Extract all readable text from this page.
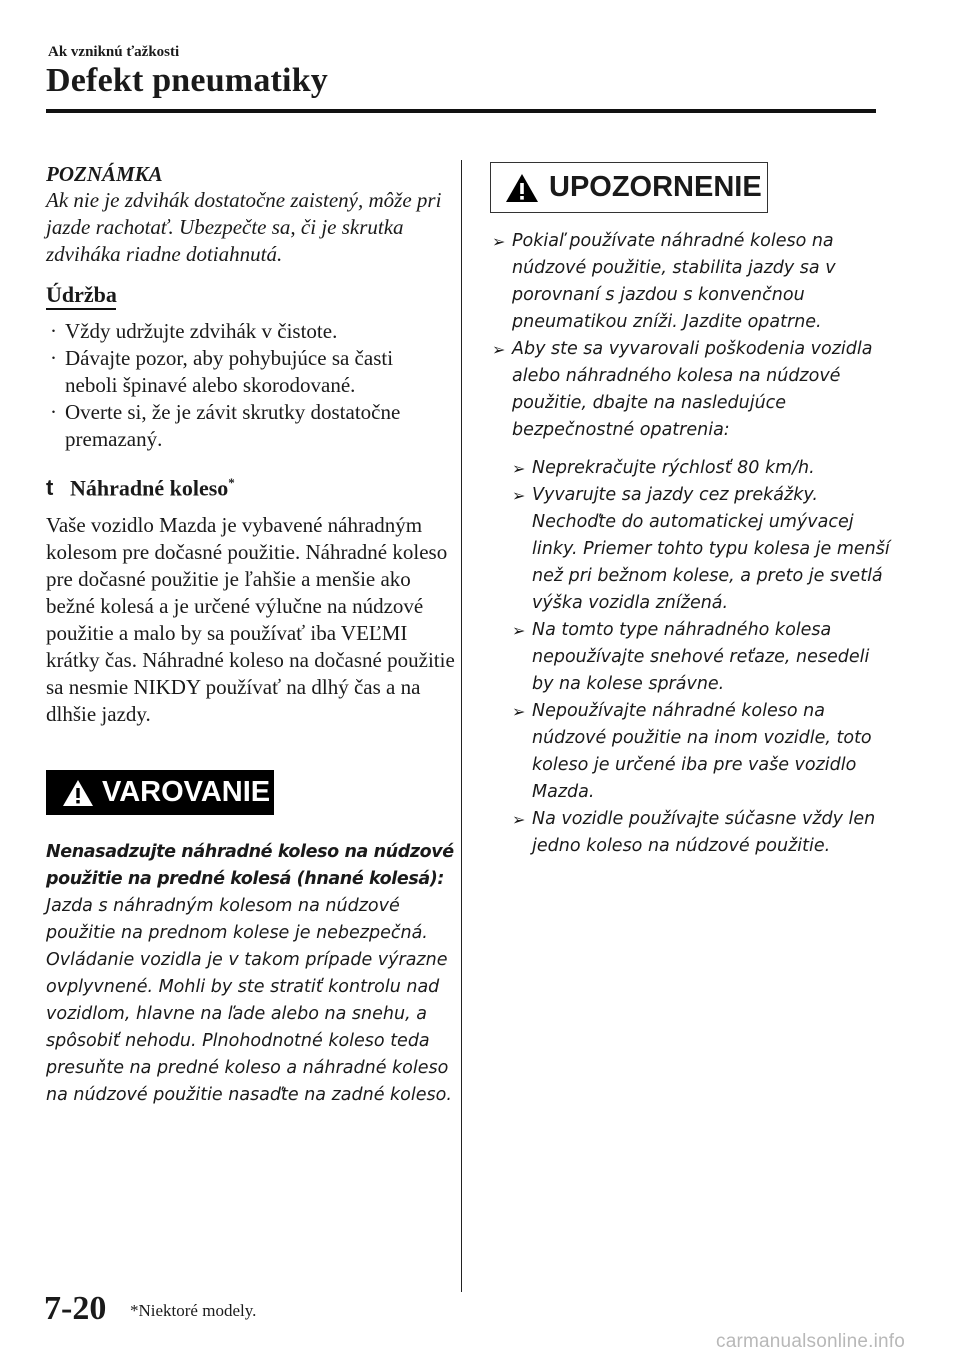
Ak vzniknú ťažkosti
Defekt pneumatiky
POZNÁMKA
Ak nie je zdvihák dostatočne zaistený, môže pri jazde rachotať. Ubezpečte sa, či je skrutka zdviháka riadne dotiahnutá.
Údržba
· Vždy udržujte zdvihák v čistote.
· Dávajte pozor, aby pohybujúce sa časti neboli špinavé alebo skorodované.
· Overte si, že je závit skrutky dostatočne premazaný.
t Náhradné koleso*
Vaše vozidlo Mazda je vybavené náhradným kolesom pre dočasné použitie. Náhradné koleso pre dočasné použitie je ľahšie a menšie ako bežné kolesá a je určené výlučne na núdzové použitie a malo by sa používať iba VEĽMI krátky čas. Náhradné koleso na dočasné použitie sa nesmie NIKDY používať na dlhý čas a na dlhšie jazdy.
VAROVANIE
Nenasadzujte náhradné koleso na núdzové použitie na predné kolesá (hnané kolesá):
Jazda s náhradným kolesom na núdzové použitie na prednom kolese je nebezpečná. Ovládanie vozidla je v takom prípade výrazne ovplyvnené. Mohli by ste stratiť kontrolu nad vozidlom, hlavne na ľade alebo na snehu, a spôsobiť nehodu. Plnohodnotné koleso teda presuňte na predné koleso a náhradné koleso na núdzové použitie nasaďte na zadné koleso.
UPOZORNENIE
➢ Pokiaľ používate náhradné koleso na núdzové použitie, stabilita jazdy sa v porovnaní s jazdou s konvenčnou pneumatikou zníži. Jazdite opatrne.
➢ Aby ste sa vyvarovali poškodenia vozidla alebo náhradného kolesa na núdzové použitie, dbajte na nasledujúce bezpečnostné opatrenia:
➢ Neprekračujte rýchlosť 80 km/h.
➢ Vyvarujte sa jazdy cez prekážky. Nechoďte do automatickej umývacej linky. Priemer tohto typu kolesa je menší než pri bežnom kolese, a preto je svetlá výška vozidla znížená.
➢ Na tomto type náhradného kolesa nepoužívajte snehové reťaze, nesedeli by na kolese správne.
➢ Nepoužívajte náhradné koleso na núdzové použitie na inom vozidle, toto koleso je určené iba pre vaše vozidlo Mazda.
➢ Na vozidle používajte súčasne vždy len jedno koleso na núdzové použitie.
7-20 *Niektoré modely.
carmanualsonline.info
